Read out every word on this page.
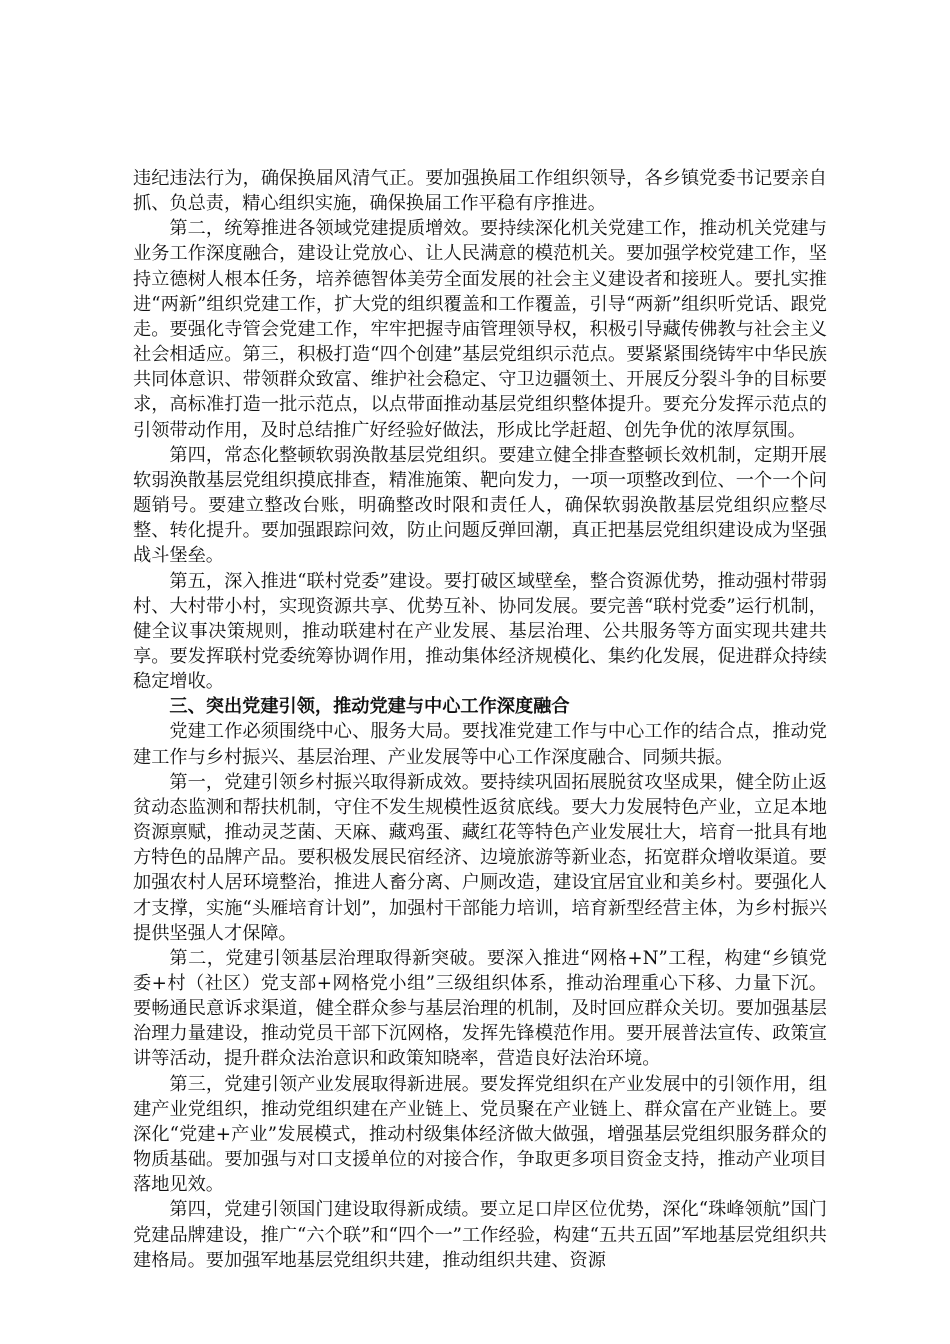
违纪违法行为，确保换届风清气正。要加强换届工作组织领导，各乡镇党委书记要亲自抓、负总责，精心组织实施，确保换届工作平稳有序推进。

第二，统筹推进各领域党建提质增效。要持续深化机关党建工作，推动机关党建与业务工作深度融合，建设让党放心、让人民满意的模范机关。要加强学校党建工作，坚持立德树人根本任务，培养德智体美劳全面发展的社会主义建设者和接班人。要扎实推进“两新”组织党建工作，扩大党的组织覆盖和工作覆盖，引导“两新”组织听党话、跟党走。要强化寺管会党建工作，牢牢把握寺庙管理领导权，积极引导藏传佛教与社会主义社会相适应。第三，积极打造“四个创建”基层党组织示范点。要紧紧围绕铸牢中华民族共同体意识、带领群众致富、维护社会稳定、守卫边疆领土、开展反分裂斗争的目标要求，高标准打造一批示范点，以点带面推动基层党组织整体提升。要充分发挥示范点的引领带动作用，及时总结推广好经验好做法，形成比学赶超、创先争优的浓厚氛围。

第四，常态化整顿软弱涣散基层党组织。要建立健全排查整顿长效机制，定期开展软弱涣散基层党组织摸底排查，精准施策、靶向发力，一项一项整改到位、一个一个问题销号。要建立整改台账，明确整改时限和责任人，确保软弱涣散基层党组织应整尽整、转化提升。要加强跟踪问效，防止问题反弹回潮，真正把基层党组织建设成为坚强战斗堡垒。

第五，深入推进“联村党委”建设。要打破区域壁垒，整合资源优势，推动强村带弱村、大村带小村，实现资源共享、优势互补、协同发展。要完善“联村党委”运行机制，健全议事决策规则，推动联建村在产业发展、基层治理、公共服务等方面实现共建共享。要发挥联村党委统筹协调作用，推动集体经济规模化、集约化发展，促进群众持续稳定增收。

三、突出党建引领，推动党建与中心工作深度融合

党建工作必须围绕中心、服务大局。要找准党建工作与中心工作的结合点，推动党建工作与乡村振兴、基层治理、产业发展等中心工作深度融合、同频共振。

第一，党建引领乡村振兴取得新成效。要持续巩固拓展脱贫攻坚成果，健全防止返贫动态监测和帮扶机制，守住不发生规模性返贫底线。要大力发展特色产业，立足本地资源禀赋，推动灵芝菌、天麻、藏鸡蛋、藏红花等特色产业发展壮大，培育一批具有地方特色的品牌产品。要积极发展民宿经济、边境旅游等新业态，拓宽群众增收渠道。要加强农村人居环境整治，推进人畜分离、户厕改造，建设宜居宜业和美乡村。要强化人才支撑，实施“头雁培育计划”，加强村干部能力培训，培育新型经营主体，为乡村振兴提供坚强人才保障。

第二，党建引领基层治理取得新突破。要深入推进“网格+N”工程，构建“乡镇党委+村（社区）党支部+网格党小组”三级组织体系，推动治理重心下移、力量下沉。要畅通民意诉求渠道，健全群众参与基层治理的机制，及时回应群众关切。要加强基层治理力量建设，推动党员干部下沉网格，发挥先锋模范作用。要开展普法宣传、政策宣讲等活动，提升群众法治意识和政策知晓率，营造良好法治环境。

第三，党建引领产业发展取得新进展。要发挥党组织在产业发展中的引领作用，组建产业党组织，推动党组织建在产业链上、党员聚在产业链上、群众富在产业链上。要深化“党建+产业”发展模式，推动村级集体经济做大做强，增强基层党组织服务群众的物质基础。要加强与对口支援单位的对接合作，争取更多项目资金支持，推动产业项目落地见效。

第四，党建引领国门建设取得新成绩。要立足口岸区位优势，深化“珠峰领航”国门党建品牌建设，推广“六个联”和“四个一”工作经验，构建“五共五固”军地基层党组织共建格局。要加强军地基层党组织共建，推动组织共建、资源
